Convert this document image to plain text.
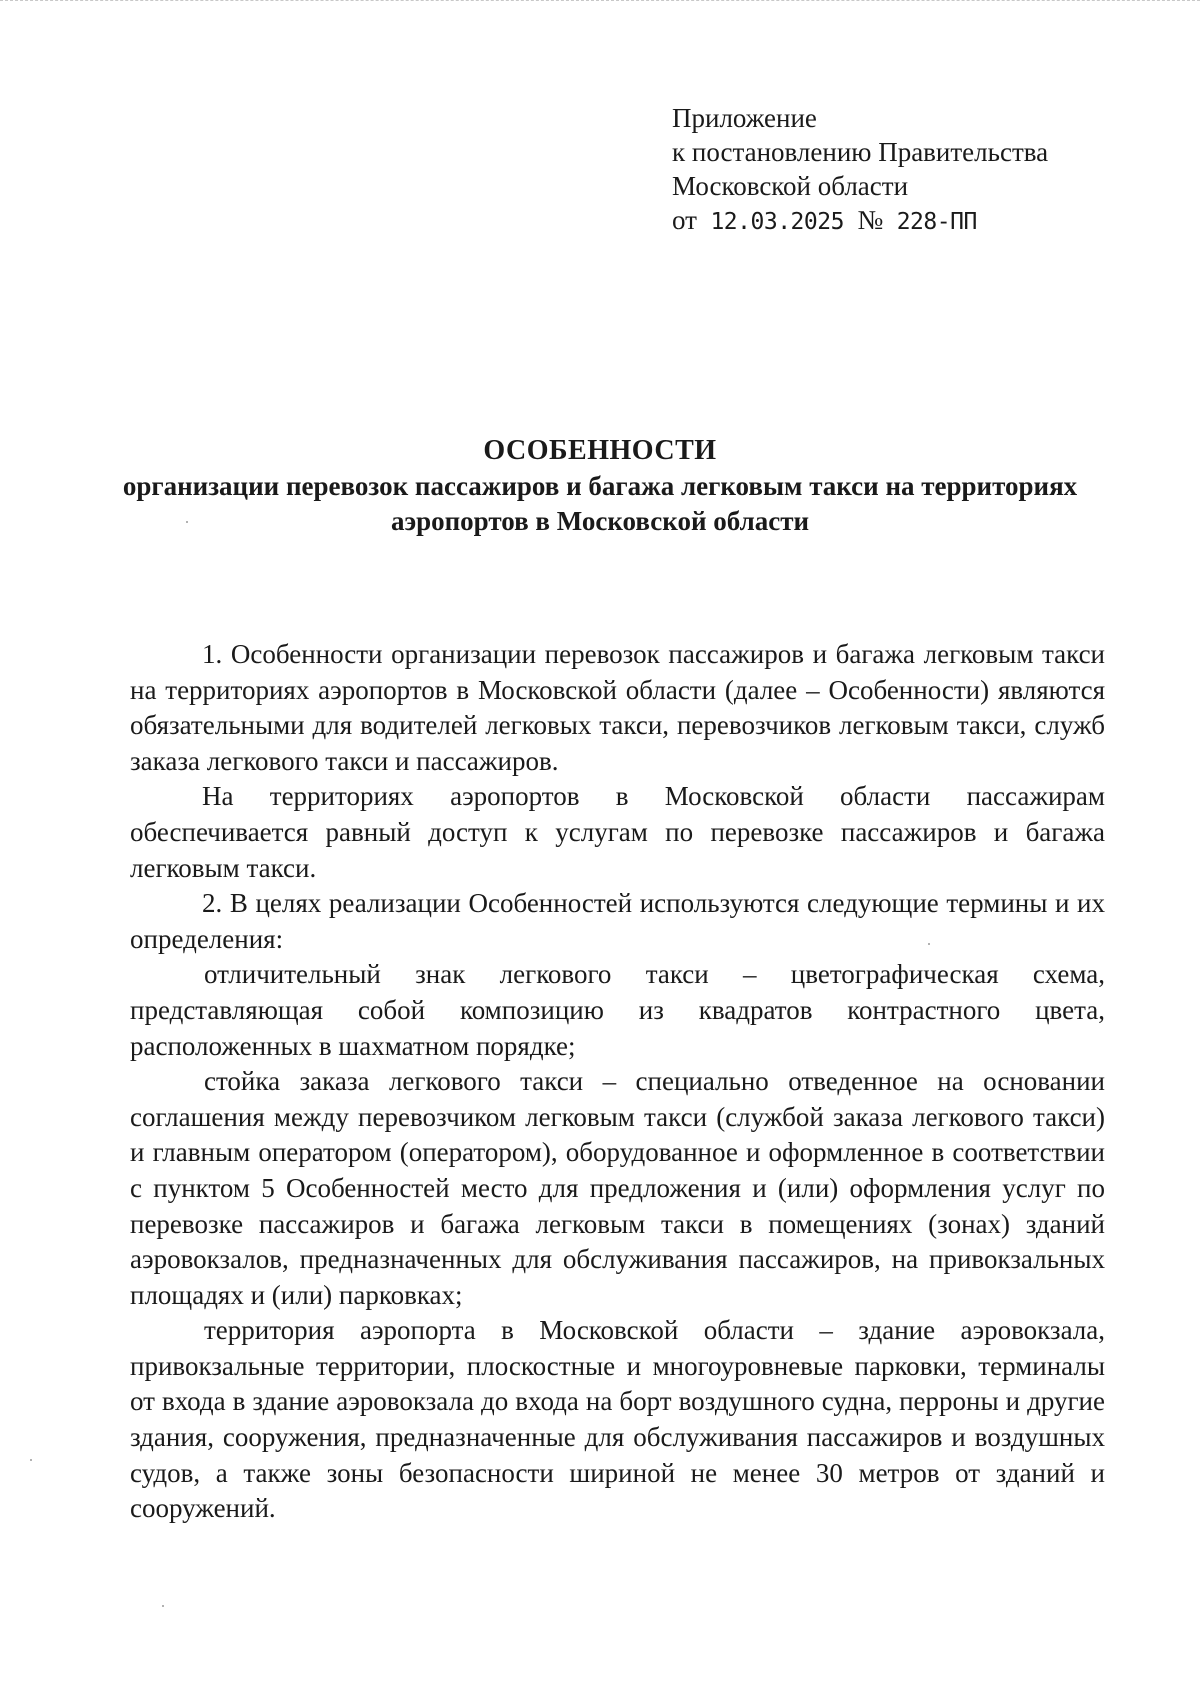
Приложение
к постановлению Правительства
Московской области
от 12.03.2025 № 228-ПП
ОСОБЕННОСТИ
организации перевозок пассажиров и багажа легковым такси на территориях аэропортов в Московской области

1. Особенности организации перевозок пассажиров и багажа легковым такси на территориях аэропортов в Московской области (далее – Особенности) являются обязательными для водителей легковых такси, перевозчиков легковым такси, служб заказа легкового такси и пассажиров.

На территориях аэропортов в Московской области пассажирам обеспечивается равный доступ к услугам по перевозке пассажиров и багажа легковым такси.

2. В целях реализации Особенностей используются следующие термины и их определения:

отличительный знак легкового такси – цветографическая схема, представляющая собой композицию из квадратов контрастного цвета, расположенных в шахматном порядке;

стойка заказа легкового такси – специально отведенное на основании соглашения между перевозчиком легковым такси (службой заказа легкового такси) и главным оператором (оператором), оборудованное и оформленное в соответствии с пунктом 5 Особенностей место для предложения и (или) оформления услуг по перевозке пассажиров и багажа легковым такси в помещениях (зонах) зданий аэровокзалов, предназначенных для обслуживания пассажиров, на привокзальных площадях и (или) парковках;

территория аэропорта в Московской области – здание аэровокзала, привокзальные территории, плоскостные и многоуровневые парковки, терминалы от входа в здание аэровокзала до входа на борт воздушного судна, перроны и другие здания, сооружения, предназначенные для обслуживания пассажиров и воздушных судов, а также зоны безопасности шириной не менее 30 метров от зданий и сооружений.
